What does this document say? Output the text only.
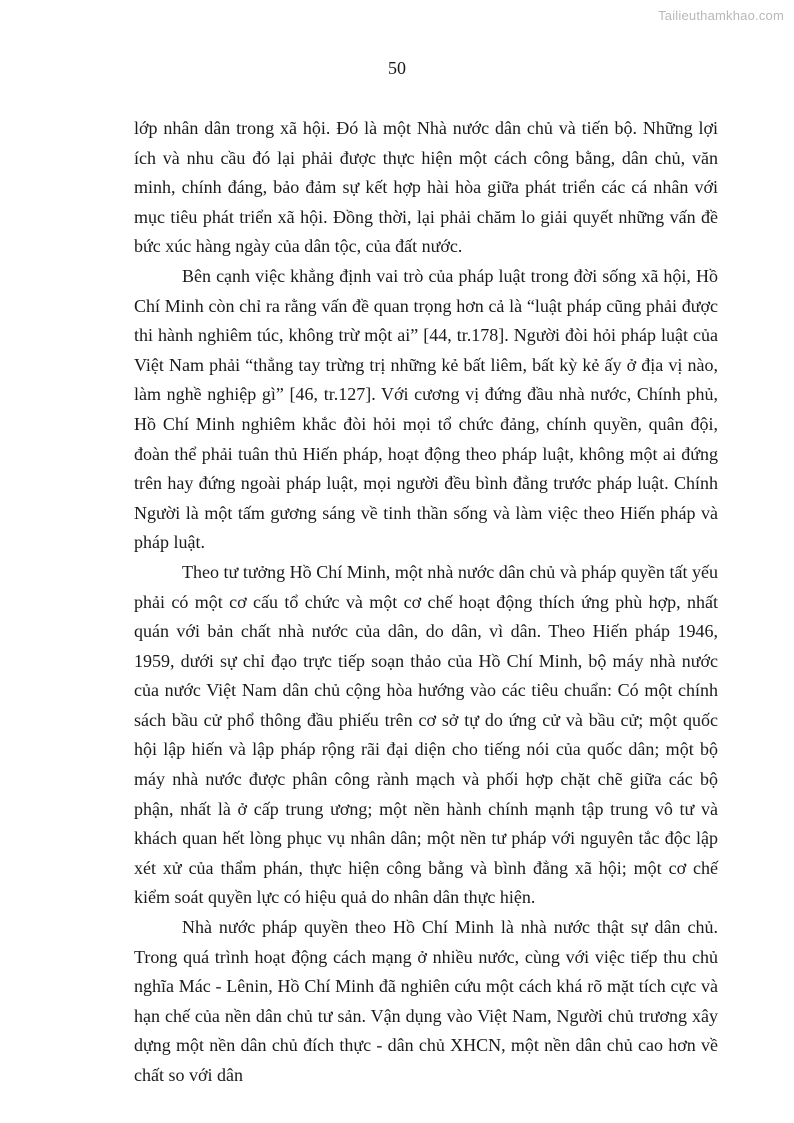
Tailieuthamkhao.com
50

lớp nhân dân trong xã hội. Đó là một Nhà nước dân chủ và tiến bộ. Những lợi ích và nhu cầu đó lại phải được thực hiện một cách công bằng, dân chủ, văn minh, chính đáng, bảo đảm sự kết hợp hài hòa giữa phát triển các cá nhân với mục tiêu phát triển xã hội. Đồng thời, lại phải chăm lo giải quyết những vấn đề bức xúc hàng ngày của dân tộc, của đất nước.

Bên cạnh việc khẳng định vai trò của pháp luật trong đời sống xã hội, Hồ Chí Minh còn chỉ ra rằng vấn đề quan trọng hơn cả là “luật pháp cũng phải được thi hành nghiêm túc, không trừ một ai” [44, tr.178]. Người đòi hỏi pháp luật của Việt Nam phải “thẳng tay trừng trị những kẻ bất liêm, bất kỳ kẻ ấy ở địa vị nào, làm nghề nghiệp gì” [46, tr.127]. Với cương vị đứng đầu nhà nước, Chính phủ, Hồ Chí Minh nghiêm khắc đòi hỏi mọi tổ chức đảng, chính quyền, quân đội, đoàn thể phải tuân thủ Hiến pháp, hoạt động theo pháp luật, không một ai đứng trên hay đứng ngoài pháp luật, mọi người đều bình đẳng trước pháp luật. Chính Người là một tấm gương sáng về tinh thần sống và làm việc theo Hiến pháp và pháp luật.

Theo tư tưởng Hồ Chí Minh, một nhà nước dân chủ và pháp quyền tất yếu phải có một cơ cấu tổ chức và một cơ chế hoạt động thích ứng phù hợp, nhất quán với bản chất nhà nước của dân, do dân, vì dân. Theo Hiến pháp 1946, 1959, dưới sự chỉ đạo trực tiếp soạn thảo của Hồ Chí Minh, bộ máy nhà nước của nước Việt Nam dân chủ cộng hòa hướng vào các tiêu chuẩn: Có một chính sách bầu cử phổ thông đầu phiếu trên cơ sở tự do ứng cử và bầu cử; một quốc hội lập hiến và lập pháp rộng rãi đại diện cho tiếng nói của quốc dân; một bộ máy nhà nước được phân công rành mạch và phối hợp chặt chẽ giữa các bộ phận, nhất là ở cấp trung ương; một nền hành chính mạnh tập trung vô tư và khách quan hết lòng phục vụ nhân dân; một nền tư pháp với nguyên tắc độc lập xét xử của thẩm phán, thực hiện công bằng và bình đẳng xã hội; một cơ chế kiểm soát quyền lực có hiệu quả do nhân dân thực hiện.

Nhà nước pháp quyền theo Hồ Chí Minh là nhà nước thật sự dân chủ. Trong quá trình hoạt động cách mạng ở nhiều nước, cùng với việc tiếp thu chủ nghĩa Mác - Lênin, Hồ Chí Minh đã nghiên cứu một cách khá rõ mặt tích cực và hạn chế của nền dân chủ tư sản. Vận dụng vào Việt Nam, Người chủ trương xây dựng một nền dân chủ đích thực - dân chủ XHCN, một nền dân chủ cao hơn về chất so với dân
